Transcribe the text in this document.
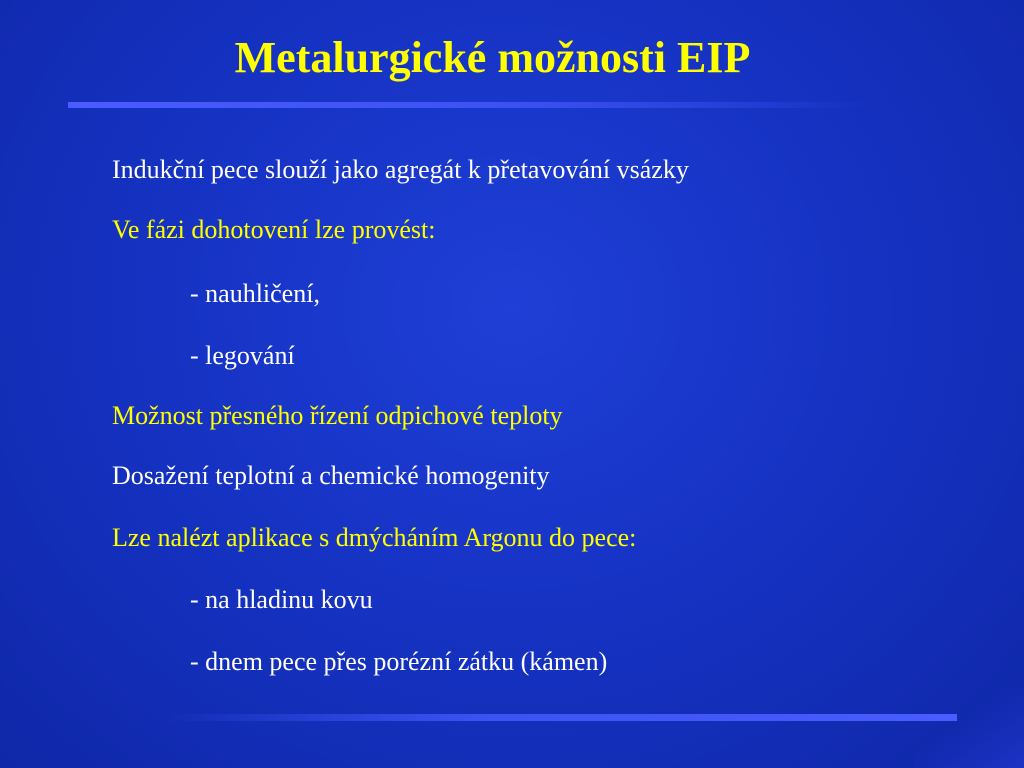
Metalurgické možnosti EIP
Indukční pece slouží jako agregát k přetavování vsázky
Ve fázi dohotovení lze provést:
- nauhličení,
- legování
Možnost přesného řízení odpichové teploty
Dosažení teplotní a chemické homogenity
Lze nalézt aplikace s dmýcháním Argonu do pece:
- na hladinu kovu
- dnem pece přes porézní zátku (kámen)
